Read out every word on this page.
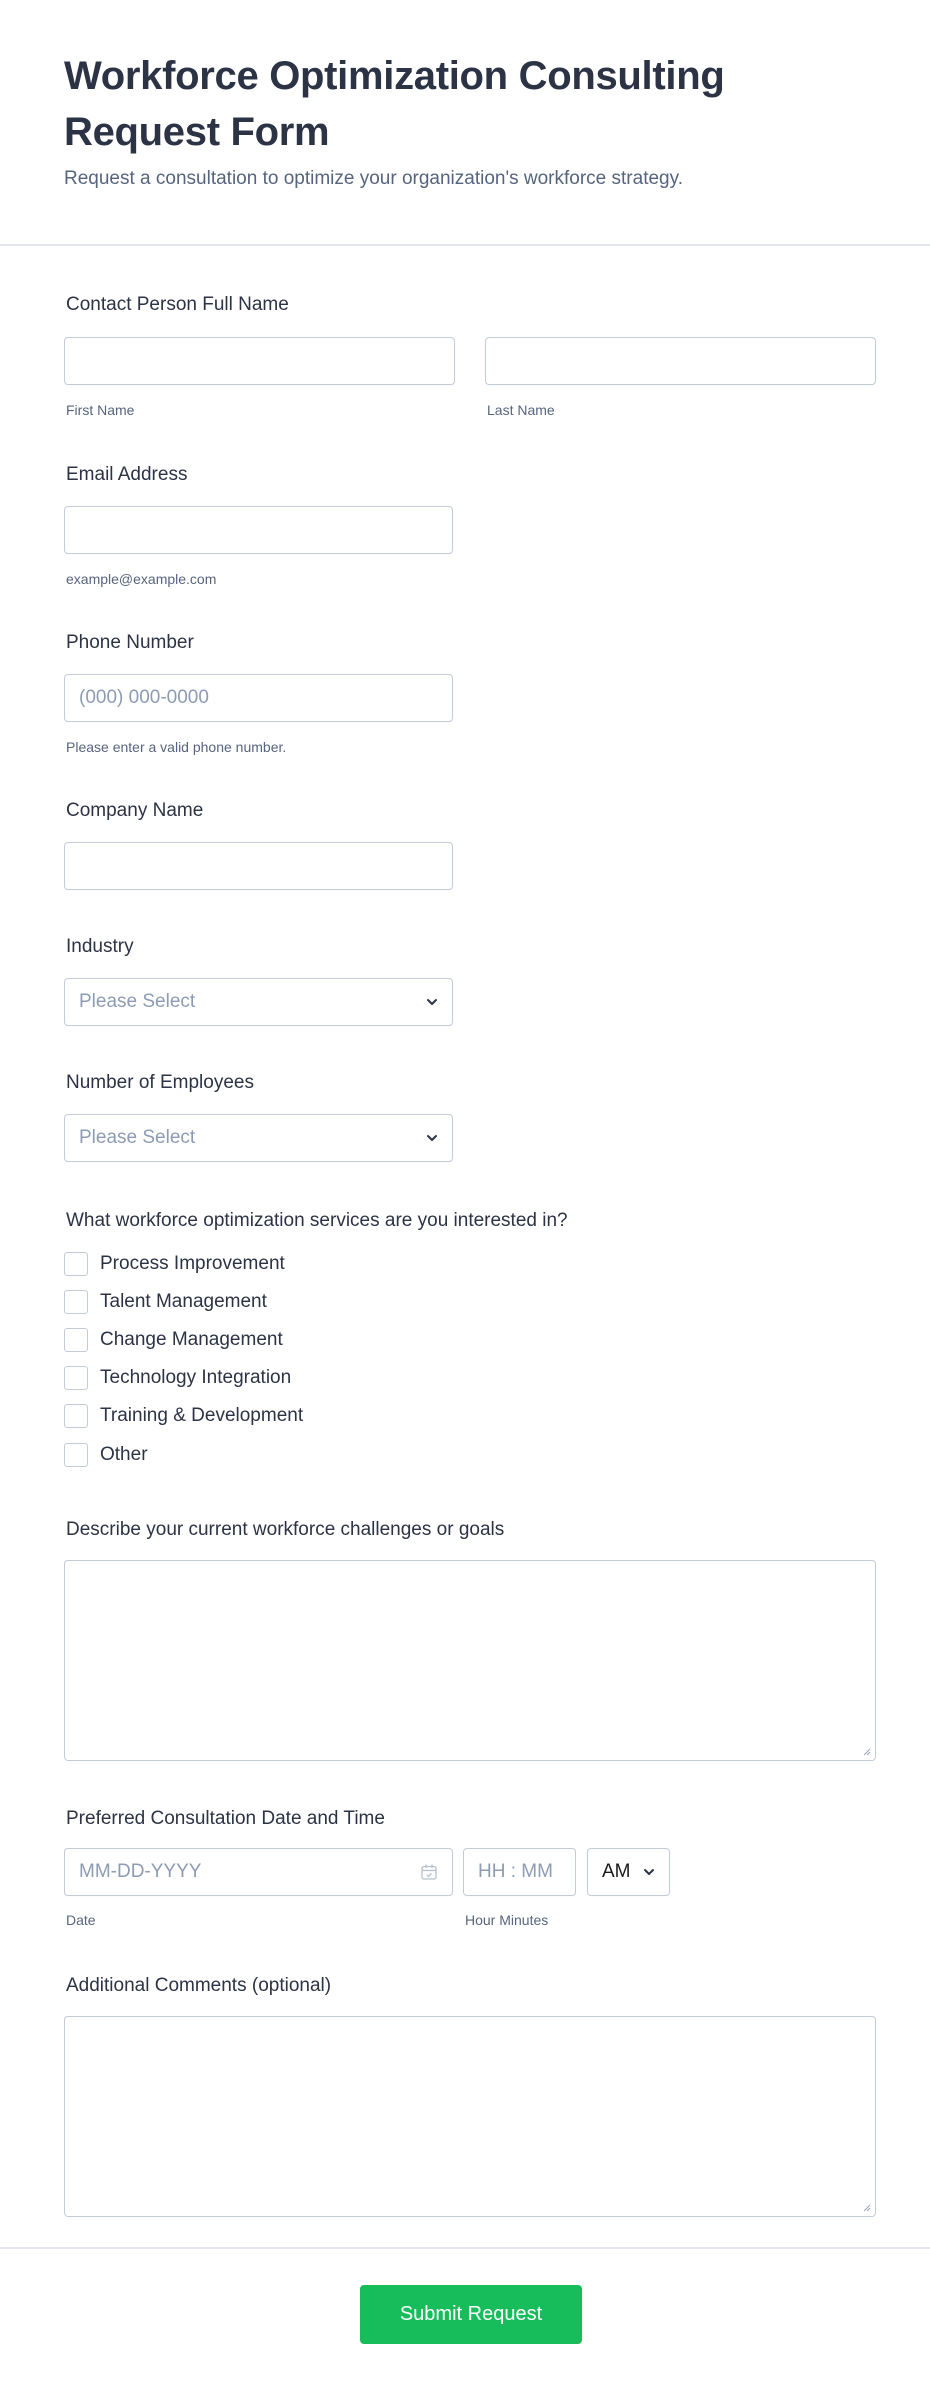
Workforce Optimization Consulting Request Form

Request a consultation to optimize your organization's workforce strategy.

Contact Person Full Name
First Name	Last Name
Email Address
example@example.com
Phone Number
(000) 000-0000
Please enter a valid phone number.
Company Name
Industry
Please Select
Number of Employees
Please Select
What workforce optimization services are you interested in?
Process Improvement
Talent Management
Change Management
Technology Integration
Training & Development
Other
Describe your current workforce challenges or goals
Preferred Consultation Date and Time
MM-DD-YYYY	HH : MM	AM
Date	Hour Minutes
Additional Comments (optional)
Submit Request
